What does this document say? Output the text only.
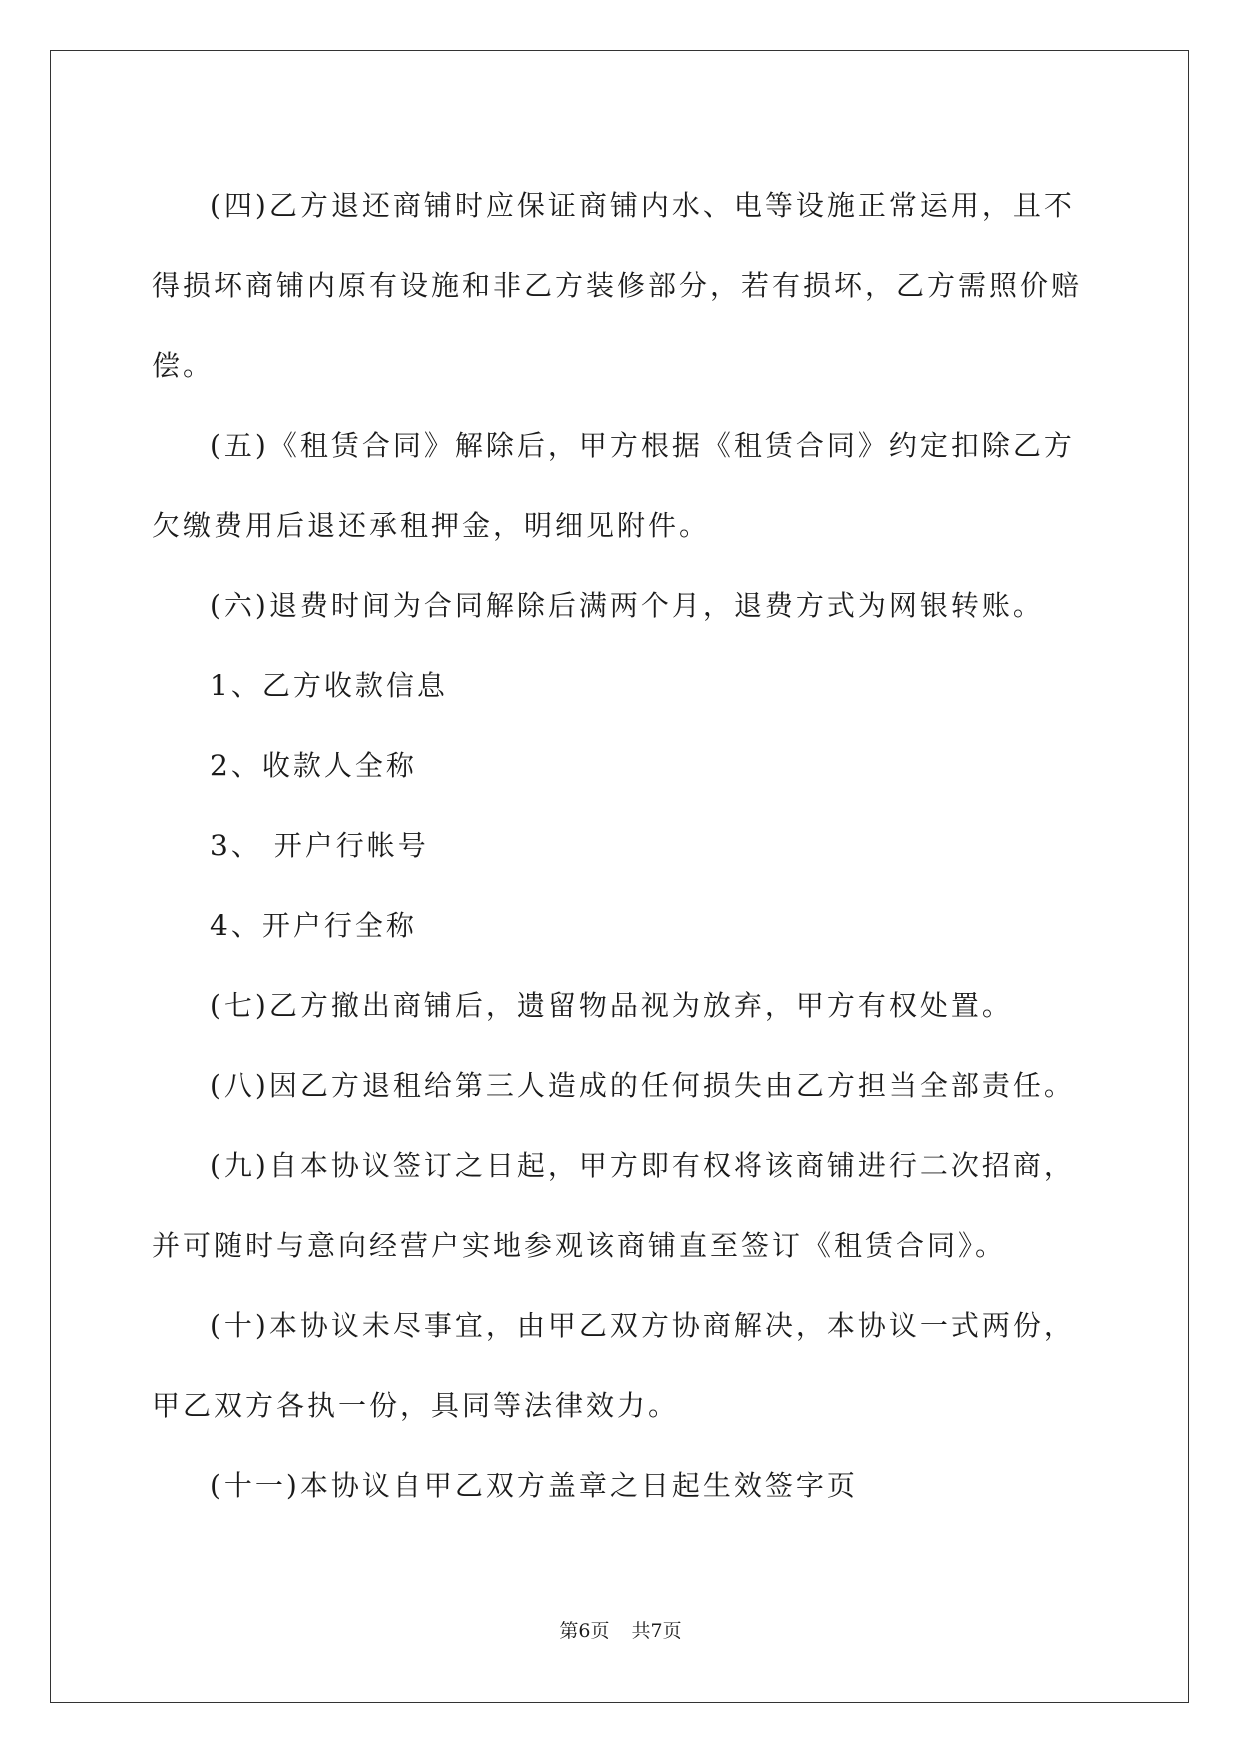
(四)乙方退还商铺时应保证商铺内水、电等设施正常运用，且不得损坏商铺内原有设施和非乙方装修部分，若有损坏，乙方需照价赔偿。

(五)《租赁合同》解除后，甲方根据《租赁合同》约定扣除乙方欠缴费用后退还承租押金，明细见附件。

(六)退费时间为合同解除后满两个月，退费方式为网银转账。

1、乙方收款信息

2、收款人全称

3、 开户行帐号

4、开户行全称

(七)乙方撤出商铺后，遗留物品视为放弃，甲方有权处置。

(八)因乙方退租给第三人造成的任何损失由乙方担当全部责任。

(九)自本协议签订之日起，甲方即有权将该商铺进行二次招商，并可随时与意向经营户实地参观该商铺直至签订《租赁合同》。

(十)本协议未尽事宜，由甲乙双方协商解决，本协议一式两份，甲乙双方各执一份，具同等法律效力。

(十一)本协议自甲乙双方盖章之日起生效签字页

第6页 共7页
